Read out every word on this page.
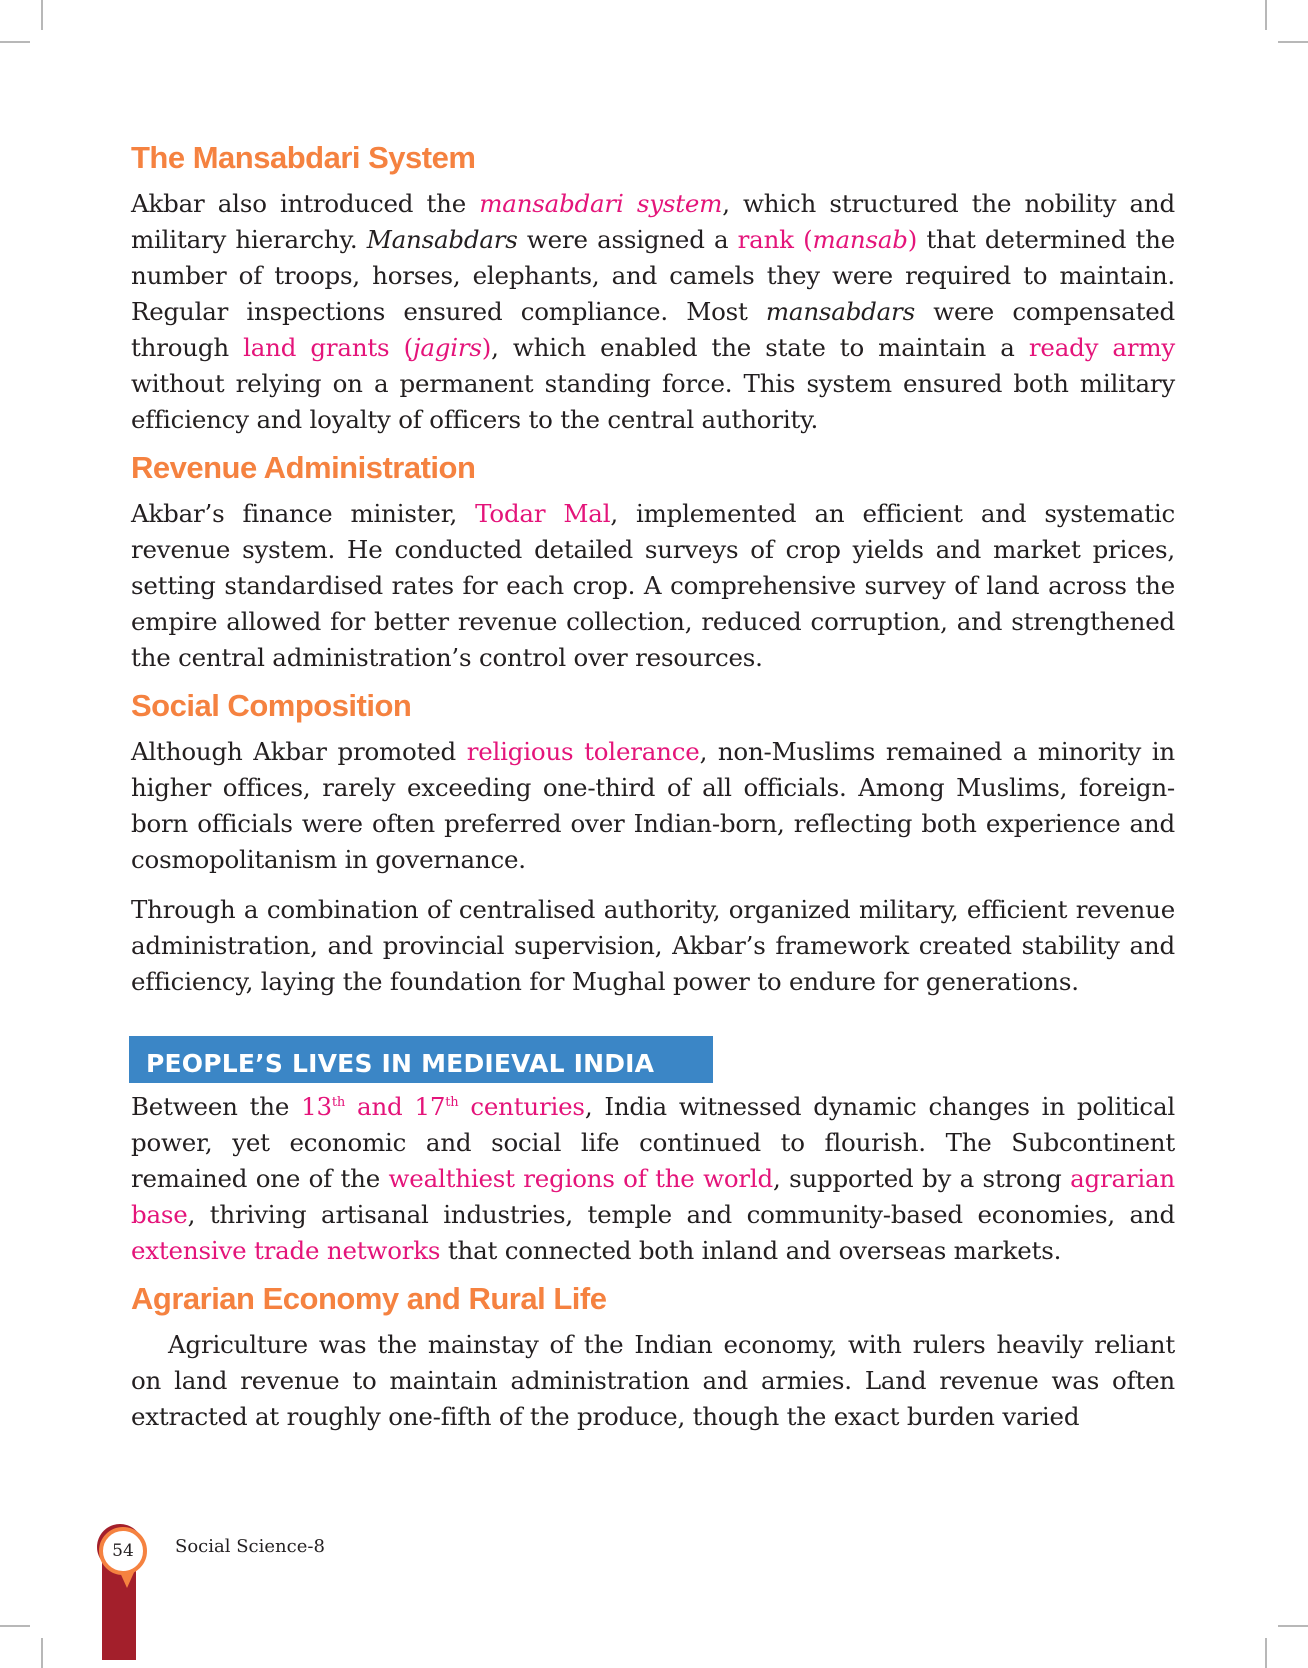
The Mansabdari System

Akbar also introduced the mansabdari system, which structured the nobility and military hierarchy. Mansabdars were assigned a rank (mansab) that determined the number of troops, horses, elephants, and camels they were required to maintain. Regular inspections ensured compliance. Most mansabdars were compensated through land grants (jagirs), which enabled the state to maintain a ready army without relying on a permanent standing force. This system ensured both military efficiency and loyalty of officers to the central authority.

Revenue Administration

Akbar’s finance minister, Todar Mal, implemented an efficient and systematic revenue system. He conducted detailed surveys of crop yields and market prices, setting standardised rates for each crop. A comprehensive survey of land across the empire allowed for better revenue collection, reduced corruption, and strengthened the central administration’s control over resources.

Social Composition

Although Akbar promoted religious tolerance, non-Muslims remained a minority in higher offices, rarely exceeding one-third of all officials. Among Muslims, foreign-born officials were often preferred over Indian-born, reflecting both experience and cosmopolitanism in governance.

Through a combination of centralised authority, organized military, efficient revenue administration, and provincial supervision, Akbar’s framework created stability and efficiency, laying the foundation for Mughal power to endure for generations.

PEOPLE’S LIVES IN MEDIEVAL INDIA

Between the 13th and 17th centuries, India witnessed dynamic changes in political power, yet economic and social life continued to flourish. The Subcontinent remained one of the wealthiest regions of the world, supported by a strong agrarian base, thriving artisanal industries, temple and community-based economies, and extensive trade networks that connected both inland and overseas markets.

Agrarian Economy and Rural Life

Agriculture was the mainstay of the Indian economy, with rulers heavily reliant on land revenue to maintain administration and armies. Land revenue was often extracted at roughly one-fifth of the produce, though the exact burden varied

54	Social Science-8
